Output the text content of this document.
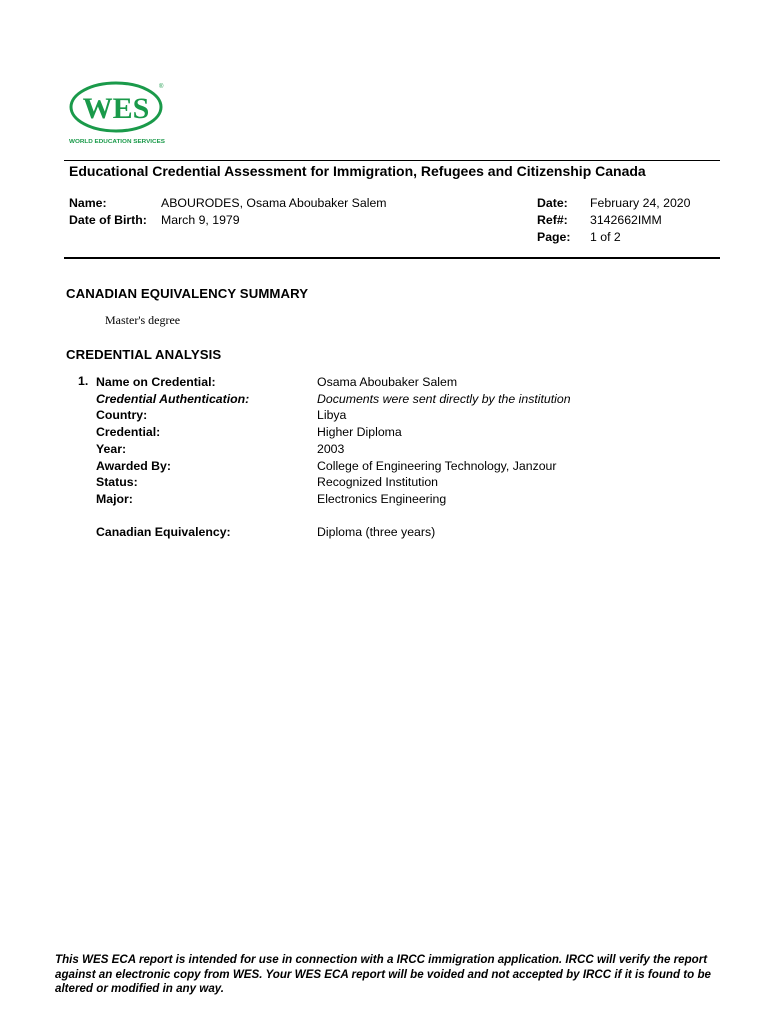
WES
®
WORLD EDUCATION SERVICES
Educational Credential Assessment for Immigration, Refugees and Citizenship Canada
Name:	ABOURODES, Osama Aboubaker Salem
Date of Birth: March 9, 1979
Date: February 24, 2020
Ref#: 3142662IMM
Page: 1 of 2
CANADIAN EQUIVALENCY SUMMARY
Master's degree
CREDENTIAL ANALYSIS
1. Name on Credential:	Osama Aboubaker Salem
Credential Authentication:	Documents were sent directly by the institution
Country:	Libya
Credential:	Higher Diploma
Year:	2003
Awarded By:	College of Engineering Technology, Janzour
Status:	Recognized Institution
Major:	Electronics Engineering
Canadian Equivalency:	Diploma (three years)
This WES ECA report is intended for use in connection with a IRCC immigration application. IRCC will verify the report against an electronic copy from WES. Your WES ECA report will be voided and not accepted by IRCC if it is found to be altered or modified in any way.
